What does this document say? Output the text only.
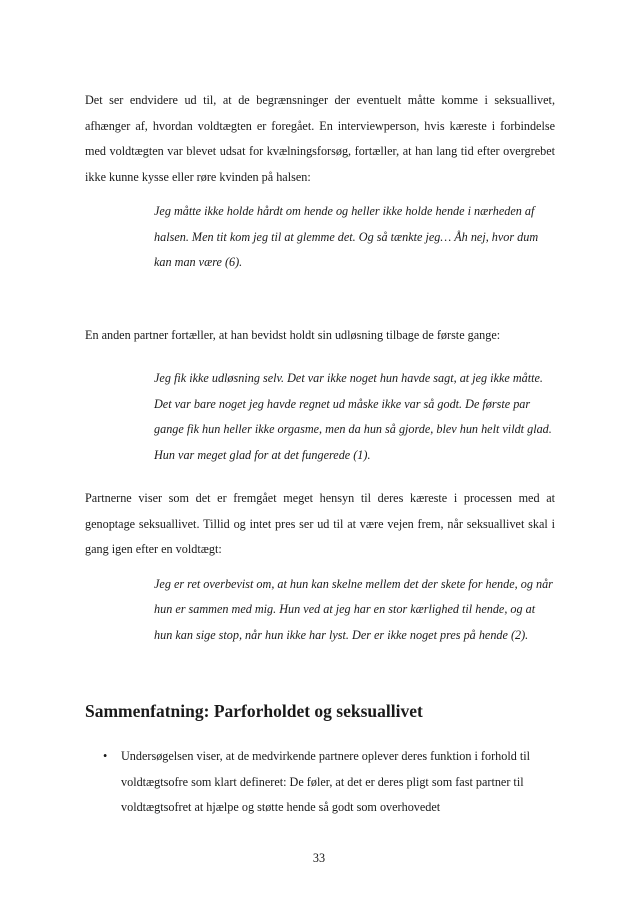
Det ser endvidere ud til, at de begrænsninger der eventuelt måtte komme i seksuallivet, afhænger af, hvordan voldtægten er foregået. En interviewperson, hvis kæreste i forbindelse med voldtægten var blevet udsat for kvælningsforsøg, fortæller, at han lang tid efter overgrebet ikke kunne kysse eller røre kvinden på halsen:

Jeg måtte ikke holde hårdt om hende og heller ikke holde hende i nærheden af halsen. Men tit kom jeg til at glemme det. Og så tænkte jeg… Åh nej, hvor dum kan man være (6).

En anden partner fortæller, at han bevidst holdt sin udløsning tilbage de første gange:

Jeg fik ikke udløsning selv. Det var ikke noget hun havde sagt, at jeg ikke måtte. Det var bare noget jeg havde regnet ud måske ikke var så godt. De første par gange fik hun heller ikke orgasme, men da hun så gjorde, blev hun helt vildt glad. Hun var meget glad for at det fungerede (1).

Partnerne viser som det er fremgået meget hensyn til deres kæreste i processen med at genoptage seksuallivet. Tillid og intet pres ser ud til at være vejen frem, når seksuallivet skal i gang igen efter en voldtægt:

Jeg er ret overbevist om, at hun kan skelne mellem det der skete for hende, og når hun er sammen med mig. Hun ved at jeg har en stor kærlighed til hende, og at hun kan sige stop, når hun ikke har lyst. Der er ikke noget pres på hende (2).

Sammenfatning: Parforholdet og seksuallivet
• Undersøgelsen viser, at de medvirkende partnere oplever deres funktion i forhold til voldtægtsofre som klart defineret: De føler, at det er deres pligt som fast partner til voldtægtsofret at hjælpe og støtte hende så godt som overhovedet
33
